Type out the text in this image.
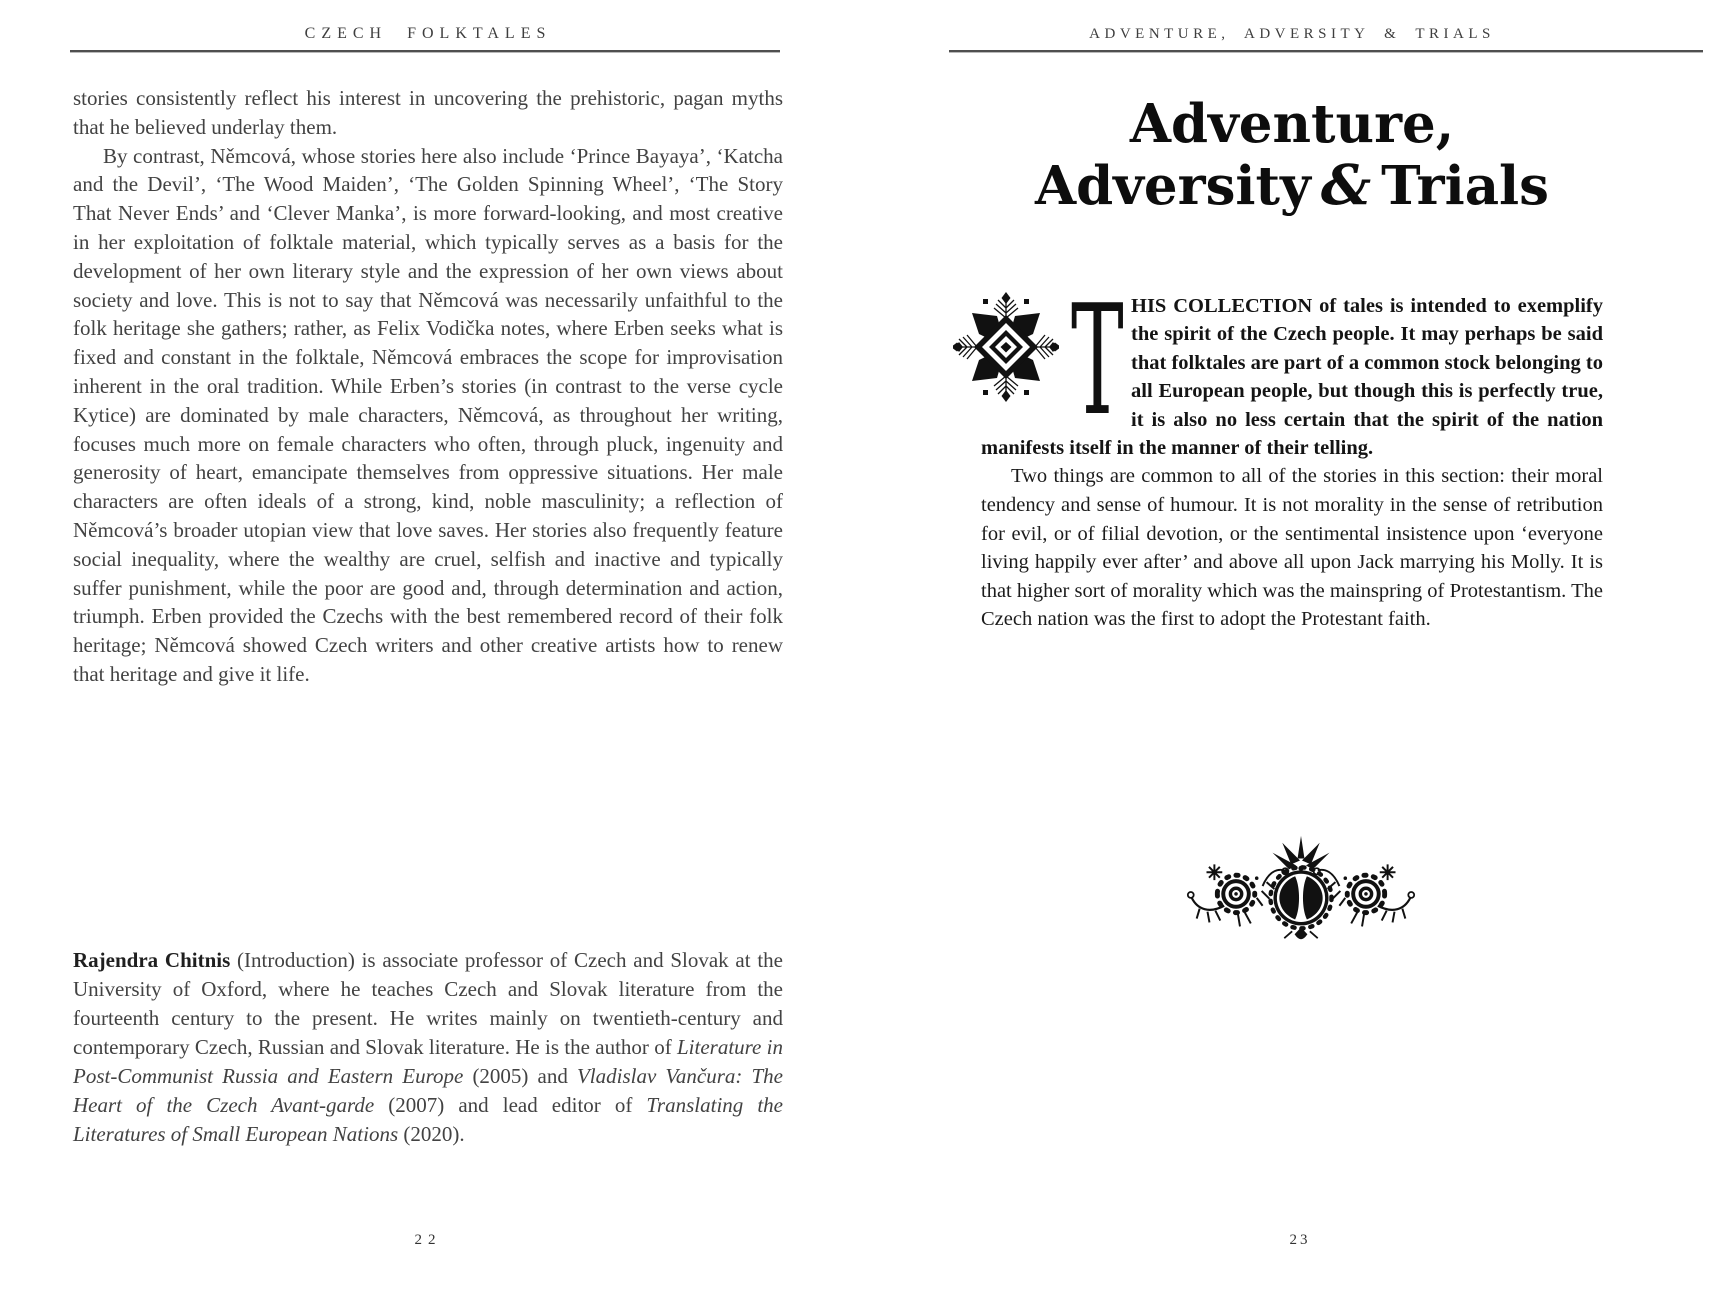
CZECH FOLKTALES

stories consistently reflect his interest in uncovering the prehistoric, pagan myths that he believed underlay them.

By contrast, Němcová, whose stories here also include ‘Prince Bayaya’, ‘Katcha and the Devil’, ‘The Wood Maiden’, ‘The Golden Spinning Wheel’, ‘The Story That Never Ends’ and ‘Clever Manka’, is more forward-looking, and most creative in her exploitation of folktale material, which typically serves as a basis for the development of her own literary style and the expression of her own views about society and love. This is not to say that Němcová was necessarily unfaithful to the folk heritage she gathers; rather, as Felix Vodička notes, where Erben seeks what is fixed and constant in the folktale, Němcová embraces the scope for improvisation inherent in the oral tradition. While Erben’s stories (in contrast to the verse cycle Kytice) are dominated by male characters, Němcová, as throughout her writing, focuses much more on female characters who often, through pluck, ingenuity and generosity of heart, emancipate themselves from oppressive situations. Her male characters are often ideals of a strong, kind, noble masculinity; a reflection of Němcová’s broader utopian view that love saves. Her stories also frequently feature social inequality, where the wealthy are cruel, selfish and inactive and typically suffer punishment, while the poor are good and, through determination and action, triumph. Erben provided the Czechs with the best remembered record of their folk heritage; Němcová showed Czech writers and other creative artists how to renew that heritage and give it life.

Rajendra Chitnis (Introduction) is associate professor of Czech and Slovak at the University of Oxford, where he teaches Czech and Slovak literature from the fourteenth century to the present. He writes mainly on twentieth-century and contemporary Czech, Russian and Slovak literature. He is the author of Literature in Post-Communist Russia and Eastern Europe (2005) and Vladislav Vančura: The Heart of the Czech Avant-garde (2007) and lead editor of Translating the Literatures of Small European Nations (2020).
22
ADVENTURE, ADVERSITY & TRIALS
Adventure,
Adversity & Trials

T HIS COLLECTION of tales is intended to exemplify the spirit of the Czech people. It may perhaps be said that folktales are part of a common stock belonging to all European people, but though this is perfectly true, it is also no less certain that the spirit of the nation manifests itself in the manner of their telling.

Two things are common to all of the stories in this section: their moral tendency and sense of humour. It is not morality in the sense of retribution for evil, or of filial devotion, or the sentimental insistence upon ‘everyone living happily ever after’ and above all upon Jack marrying his Molly. It is that higher sort of morality which was the mainspring of Protestantism. The Czech nation was the first to adopt the Protestant faith.

23
